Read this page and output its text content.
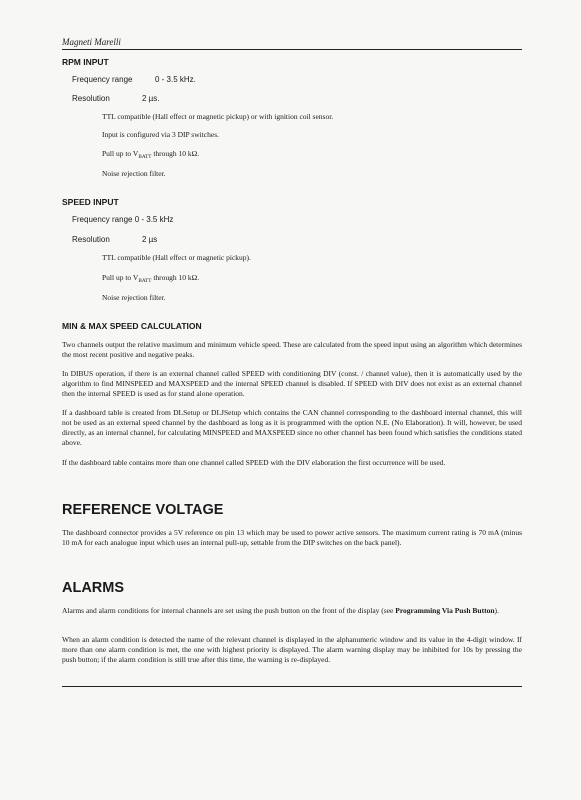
Magneti Marelli
RPM INPUT
Frequency range	0 - 3.5 kHz.
Resolution	2 µs.
TTL compatible (Hall effect or magnetic pickup) or with ignition coil sensor.
Input is configured via 3 DIP switches.
Pull up to $V_{BATT}$ through 10 kΩ.
Noise rejection filter.
SPEED INPUT
Frequency range 0 - 3.5 kHz
Resolution	2 µs
TTL compatible (Hall effect or magnetic pickup).
Pull up to $V_{BATT}$ through 10 kΩ.
Noise rejection filter.
MIN & MAX SPEED CALCULATION
Two channels output the relative maximum and minimum vehicle speed. These are calculated from the speed input using an algorithm which determines the most recent positive and negative peaks.
In DIBUS operation, if there is an external channel called SPEED with conditioning DIV (const. / channel value), then it is automatically used by the algorithm to find MINSPEED and MAXSPEED and the internal SPEED channel is disabled. If SPEED with DIV does not exist as an external channel then the internal SPEED is used as for stand alone operation.
If a dashboard table is created from DLSetup or DLJSetup which contains the CAN channel corresponding to the dashboard internal channel, this will not be used as an external speed channel by the dashboard as long as it is programmed with the option N.E. (No Elaboration). It will, however, be used directly, as an internal channel, for calculating MINSPEED and MAXSPEED since no other channel has been found which satisfies the conditions stated above.
If the dashboard table contains more than one channel called SPEED with the DIV elaboration the first occurrence will be used.
REFERENCE VOLTAGE
The dashboard connector provides a 5V reference on pin 13 which may be used to power active sensors. The maximum current rating is 70 mA (minus 10 mA for each analogue input which uses an internal pull-up, settable from the DIP switches on the back panel).
ALARMS
Alarms and alarm conditions for internal channels are set using the push button on the front of the display (see Programming Via Push Button).
When an alarm condition is detected the name of the relevant channel is displayed in the alphanumeric window and its value in the 4-digit window. If more than one alarm condition is met, the one with highest priority is displayed. The alarm warning display may be inhibited for 10s by pressing the push button; if the alarm condition is still true after this time, the warning is re-displayed.
